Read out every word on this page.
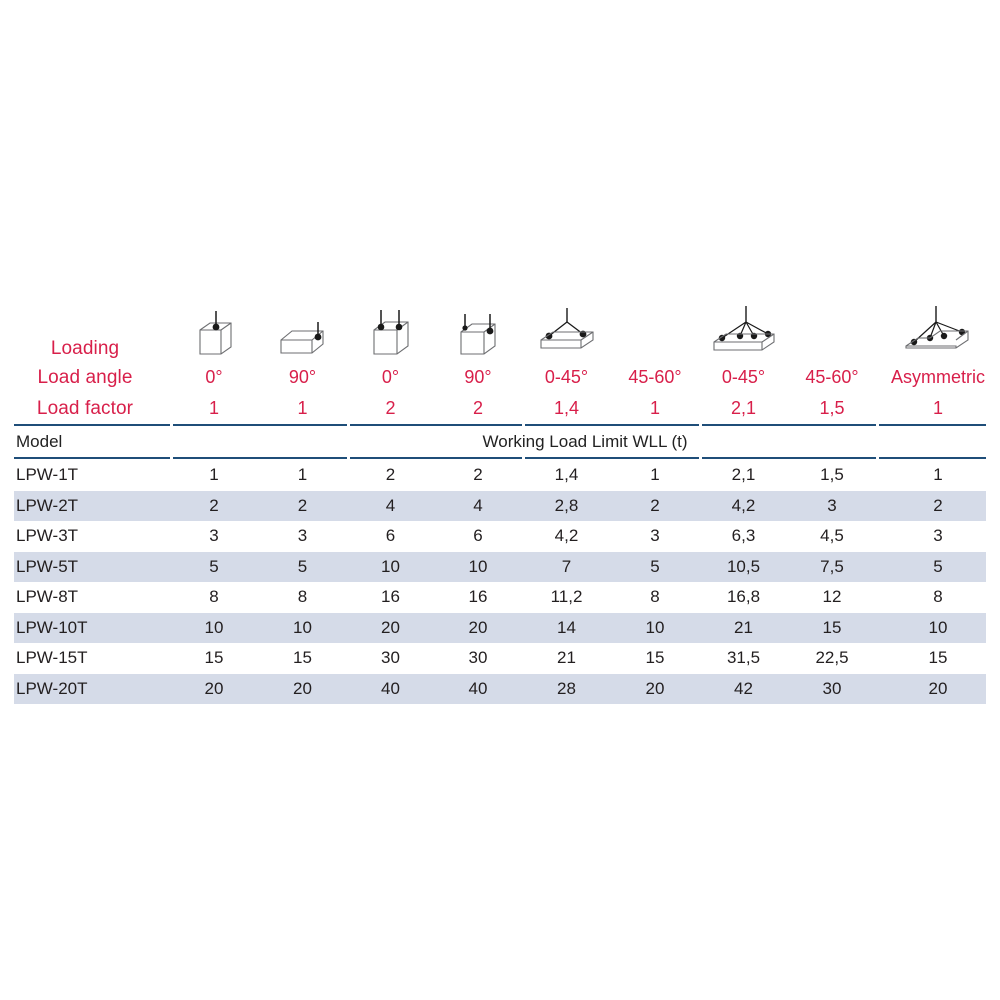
Loading									
Load angle	0°	90°	0°	90°	0-45°	45-60°	0-45°	45-60°	Asymmetric
Load factor	1	1	2	2	1,4	1	2,1	1,5	1
Model	Working Load Limit WLL (t)
LPW-1T	1	1	2	2	1,4	1	2,1	1,5	1
LPW-2T	2	2	4	4	2,8	2	4,2	3	2
LPW-3T	3	3	6	6	4,2	3	6,3	4,5	3
LPW-5T	5	5	10	10	7	5	10,5	7,5	5
LPW-8T	8	8	16	16	11,2	8	16,8	12	8
LPW-10T	10	10	20	20	14	10	21	15	10
LPW-15T	15	15	30	30	21	15	31,5	22,5	15
LPW-20T	20	20	40	40	28	20	42	30	20
